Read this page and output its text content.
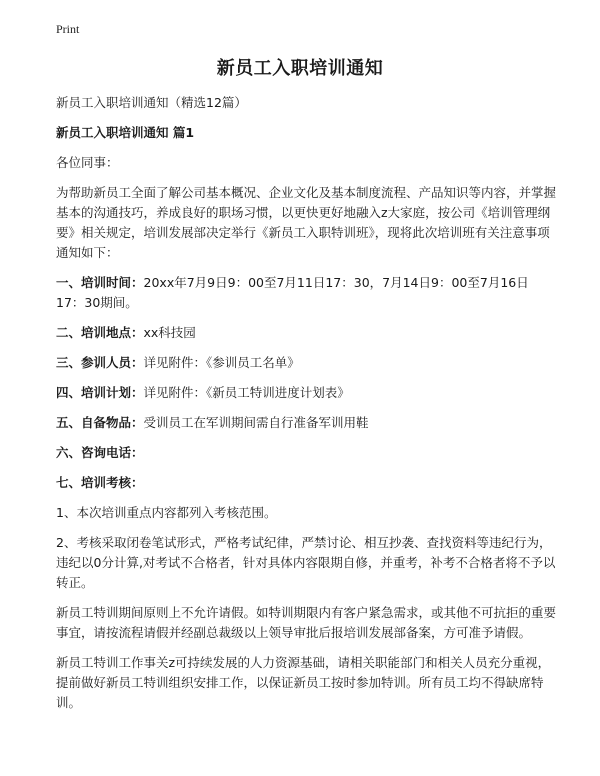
Print
新员工入职培训通知

新员工入职培训通知（精选12篇）

新员工入职培训通知 篇1

各位同事：

为帮助新员工全面了解公司基本概况、企业文化及基本制度流程、产品知识等内容，并掌握基本的沟通技巧，养成良好的职场习惯，以更快更好地融入z大家庭，按公司《培训管理纲要》相关规定，培训发展部决定举行《新员工入职特训班》，现将此次培训班有关注意事项通知如下：

一、培训时间：20xx年7月9日9：00至7月11日17：30，7月14日9：00至7月16日17：30期间。

二、培训地点：xx科技园

三、参训人员：详见附件：《参训员工名单》

四、培训计划：详见附件：《新员工特训进度计划表》

五、自备物品：受训员工在军训期间需自行准备军训用鞋

六、咨询电话：

七、培训考核：

1、本次培训重点内容都列入考核范围。

2、考核采取闭卷笔试形式，严格考试纪律，严禁讨论、相互抄袭、查找资料等违纪行为，违纪以0分计算,对考试不合格者，针对具体内容限期自修，并重考，补考不合格者将不予以转正。

新员工特训期间原则上不允许请假。如特训期限内有客户紧急需求，或其他不可抗拒的重要事宜，请按流程请假并经副总裁级以上领导审批后报培训发展部备案，方可准予请假。

新员工特训工作事关z可持续发展的人力资源基础，请相关职能部门和相关人员充分重视，提前做好新员工特训组织安排工作，以保证新员工按时参加特训。所有员工均不得缺席特训。
